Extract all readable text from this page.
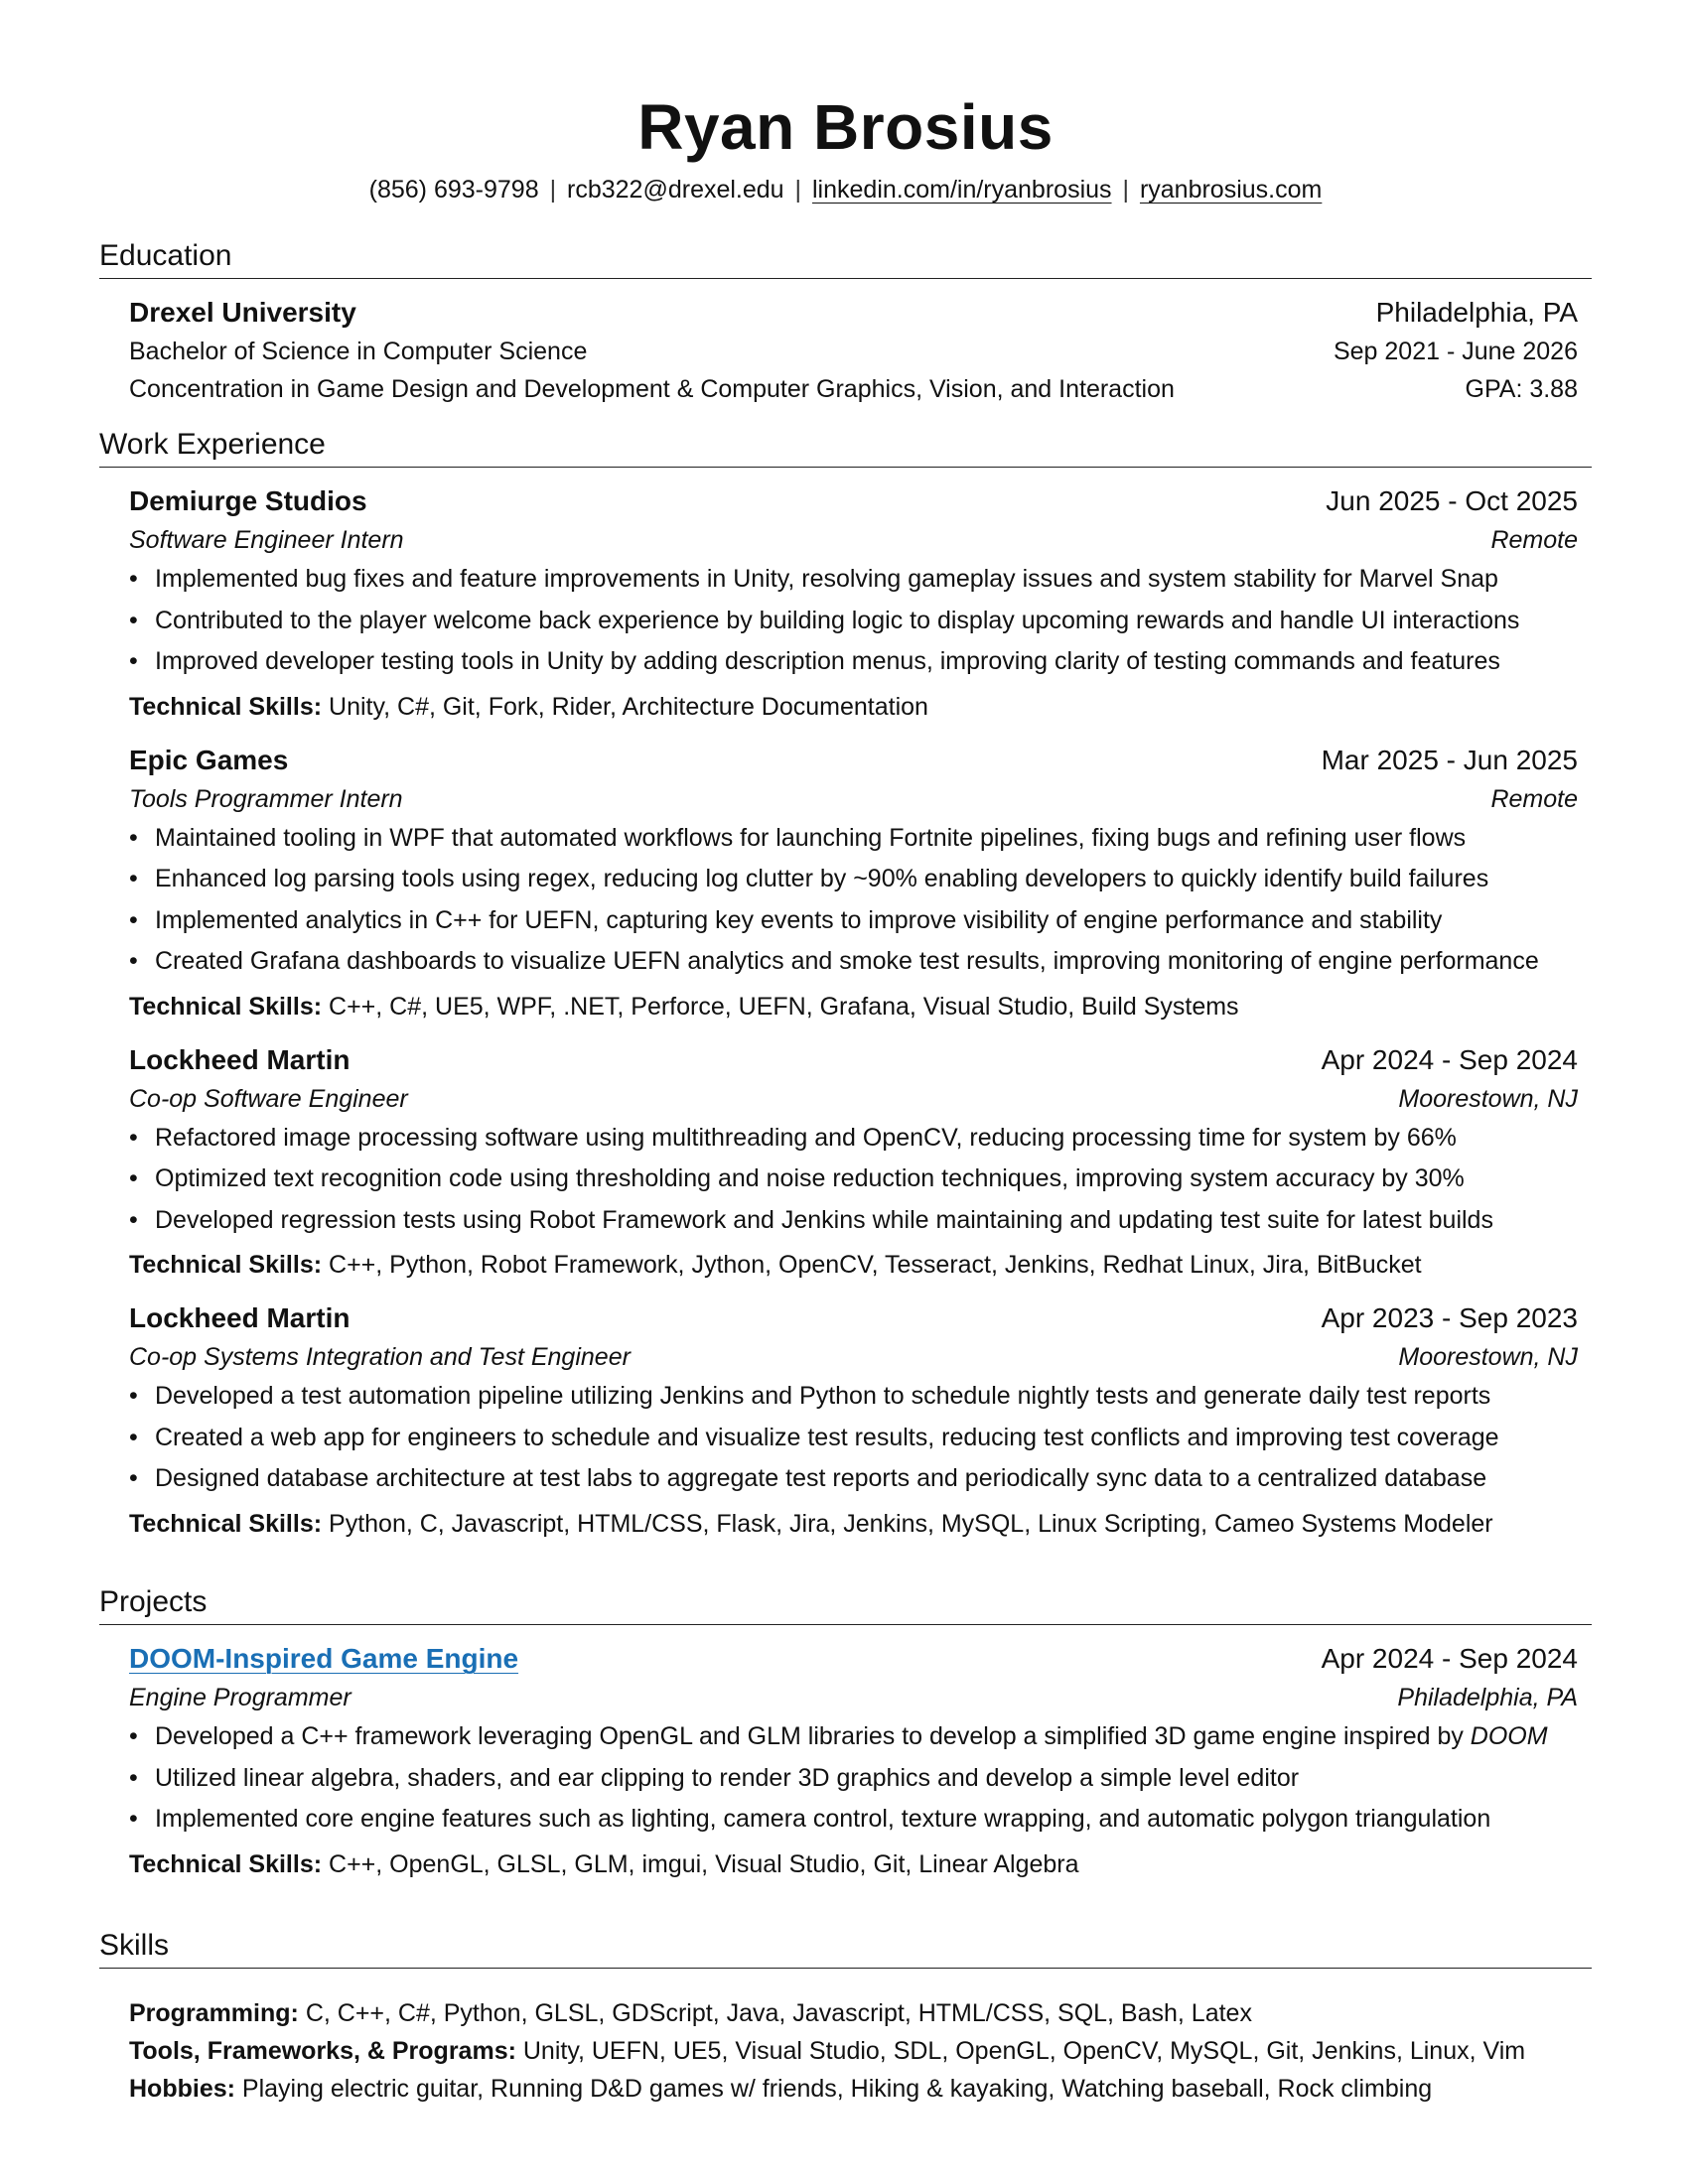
Ryan Brosius
(856) 693-9798 | rcb322@drexel.edu | linkedin.com/in/ryanbrosius | ryanbrosius.com
Education
Drexel University	Philadelphia, PA
Bachelor of Science in Computer Science	Sep 2021 - June 2026
Concentration in Game Design and Development & Computer Graphics, Vision, and Interaction	GPA: 3.88
Work Experience
Demiurge Studios	Jun 2025 - Oct 2025
Software Engineer Intern	Remote
• Implemented bug fixes and feature improvements in Unity, resolving gameplay issues and system stability for Marvel Snap
• Contributed to the player welcome back experience by building logic to display upcoming rewards and handle UI interactions
• Improved developer testing tools in Unity by adding description menus, improving clarity of testing commands and features
Technical Skills: Unity, C#, Git, Fork, Rider, Architecture Documentation
Epic Games	Mar 2025 - Jun 2025
Tools Programmer Intern	Remote
• Maintained tooling in WPF that automated workflows for launching Fortnite pipelines, fixing bugs and refining user flows
• Enhanced log parsing tools using regex, reducing log clutter by ~90% enabling developers to quickly identify build failures
• Implemented analytics in C++ for UEFN, capturing key events to improve visibility of engine performance and stability
• Created Grafana dashboards to visualize UEFN analytics and smoke test results, improving monitoring of engine performance
Technical Skills: C++, C#, UE5, WPF, .NET, Perforce, UEFN, Grafana, Visual Studio, Build Systems
Lockheed Martin	Apr 2024 - Sep 2024
Co-op Software Engineer	Moorestown, NJ
• Refactored image processing software using multithreading and OpenCV, reducing processing time for system by 66%
• Optimized text recognition code using thresholding and noise reduction techniques, improving system accuracy by 30%
• Developed regression tests using Robot Framework and Jenkins while maintaining and updating test suite for latest builds
Technical Skills: C++, Python, Robot Framework, Jython, OpenCV, Tesseract, Jenkins, Redhat Linux, Jira, BitBucket
Lockheed Martin	Apr 2023 - Sep 2023
Co-op Systems Integration and Test Engineer	Moorestown, NJ
• Developed a test automation pipeline utilizing Jenkins and Python to schedule nightly tests and generate daily test reports
• Created a web app for engineers to schedule and visualize test results, reducing test conflicts and improving test coverage
• Designed database architecture at test labs to aggregate test reports and periodically sync data to a centralized database
Technical Skills: Python, C, Javascript, HTML/CSS, Flask, Jira, Jenkins, MySQL, Linux Scripting, Cameo Systems Modeler
Projects
DOOM-Inspired Game Engine	Apr 2024 - Sep 2024
Engine Programmer	Philadelphia, PA
• Developed a C++ framework leveraging OpenGL and GLM libraries to develop a simplified 3D game engine inspired by DOOM
• Utilized linear algebra, shaders, and ear clipping to render 3D graphics and develop a simple level editor
• Implemented core engine features such as lighting, camera control, texture wrapping, and automatic polygon triangulation
Technical Skills: C++, OpenGL, GLSL, GLM, imgui, Visual Studio, Git, Linear Algebra
Skills
Programming: C, C++, C#, Python, GLSL, GDScript, Java, Javascript, HTML/CSS, SQL, Bash, Latex
Tools, Frameworks, & Programs: Unity, UEFN, UE5, Visual Studio, SDL, OpenGL, OpenCV, MySQL, Git, Jenkins, Linux, Vim
Hobbies: Playing electric guitar, Running D&D games w/ friends, Hiking & kayaking, Watching baseball, Rock climbing
